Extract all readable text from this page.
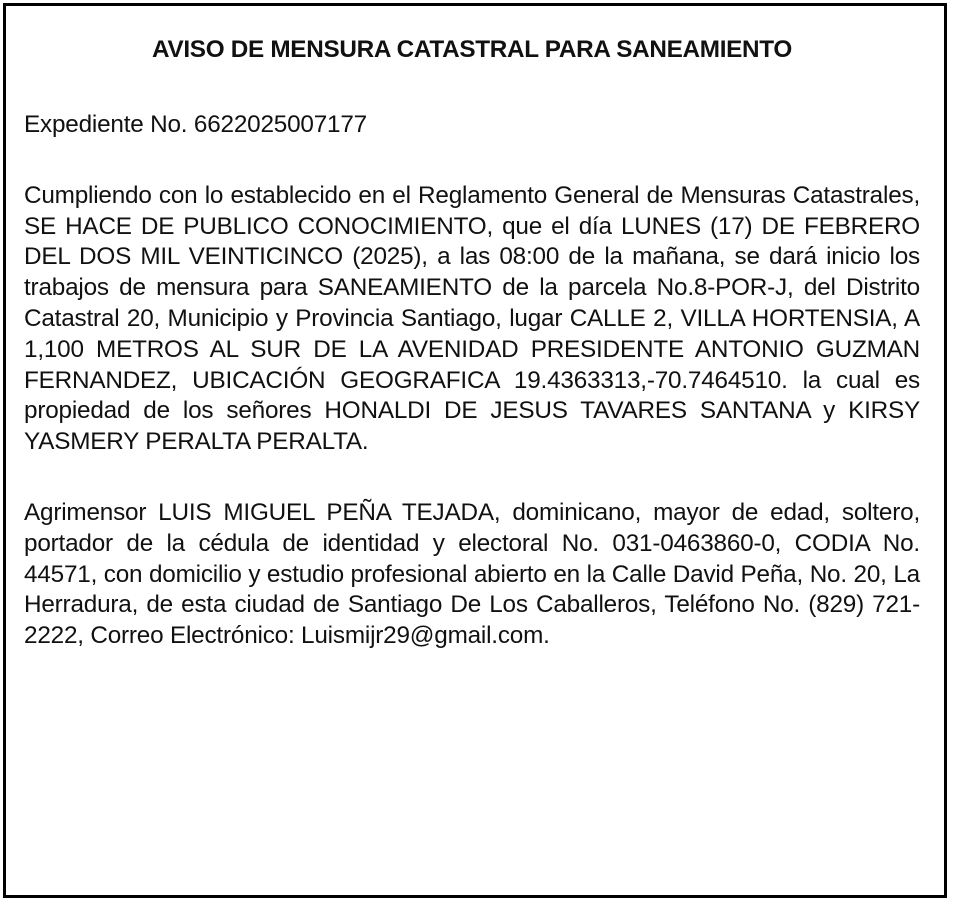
AVISO DE MENSURA CATASTRAL PARA SANEAMIENTO

Expediente No. 6622025007177

Cumpliendo con lo establecido en el Reglamento General de Mensuras Catastrales, SE HACE DE PUBLICO CONOCIMIENTO, que el día LUNES (17) DE FEBRERO DEL DOS MIL VEINTICINCO (2025), a las 08:00 de la mañana, se dará inicio los trabajos de mensura para SANEAMIENTO de la parcela No.8-POR-J, del Distrito Catastral 20, Municipio y Provincia Santiago, lugar CALLE 2, VILLA HORTENSIA, A 1,100 METROS AL SUR DE LA AVENIDAD PRESIDENTE ANTONIO GUZMAN FERNANDEZ, UBICACIÓN GEOGRAFICA 19.4363313,-70.7464510. la cual es propiedad de los señores HONALDI DE JESUS TAVARES SANTANA y KIRSY YASMERY PERALTA PERALTA.

Agrimensor LUIS MIGUEL PEÑA TEJADA, dominicano, mayor de edad, soltero, portador de la cédula de identidad y electoral No. 031-0463860-0, CODIA No. 44571, con domicilio y estudio profesional abierto en la Calle David Peña, No. 20, La Herradura, de esta ciudad de Santiago De Los Caballeros, Teléfono No. (829) 721-2222, Correo Electrónico: Luismijr29@gmail.com.
